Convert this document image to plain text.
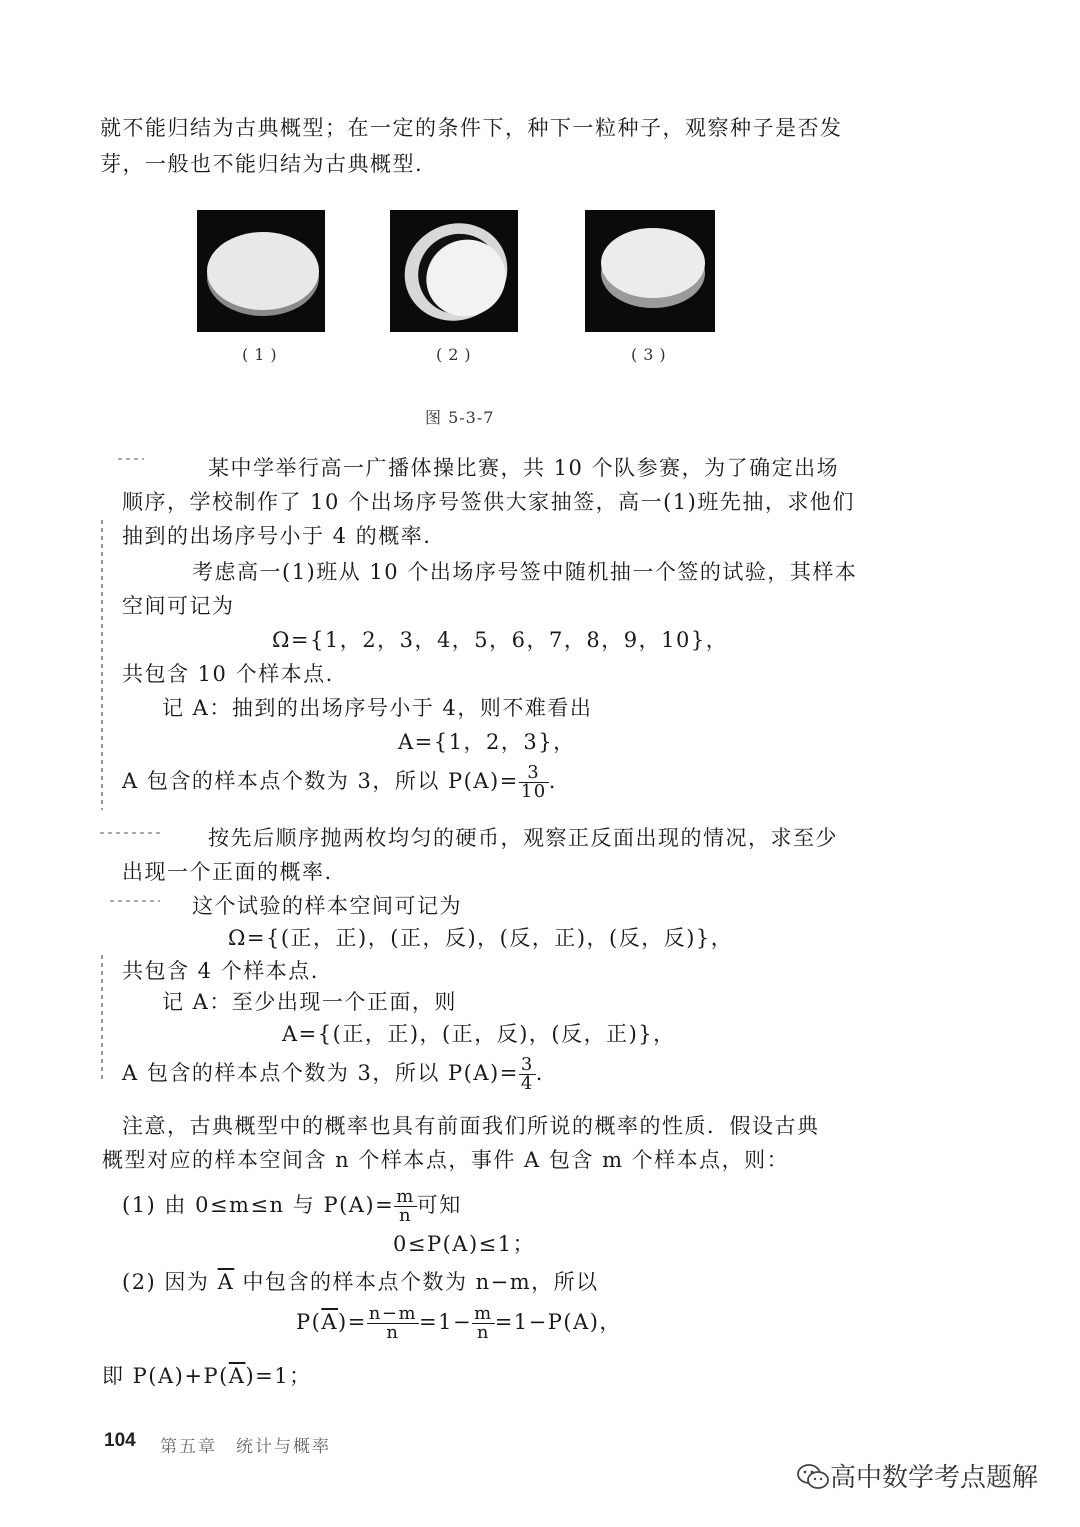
就不能归结为古典概型；在一定的条件下，种下一粒种子，观察种子是否发
芽，一般也不能归结为古典概型.
(1)	(2)	(3)
图 5-3-7
某中学举行高一广播体操比赛，共 10 个队参赛，为了确定出场
顺序，学校制作了 10 个出场序号签供大家抽签，高一(1)班先抽，求他们
抽到的出场序号小于 4 的概率.
考虑高一(1)班从 10 个出场序号签中随机抽一个签的试验，其样本
空间可记为
Ω={1，2，3，4，5，6，7，8，9，10}，
共包含 10 个样本点.
记 A：抽到的出场序号小于 4，则不难看出
A={1，2，3}，
A 包含的样本点个数为 3，所以 $P(A)= \frac{3}{10}$ .
按先后顺序抛两枚均匀的硬币，观察正反面出现的情况，求至少
出现一个正面的概率.
这个试验的样本空间可记为
Ω={(正，正)，(正，反)，(反，正)，(反，反)}，
共包含 4 个样本点.
记 A：至少出现一个正面，则
A={(正，正)，(正，反)，(反，正)}，
A 包含的样本点个数为 3，所以 $P(A)= \frac{3}{4}$ .
注意，古典概型中的概率也具有前面我们所说的概率的性质．假设古典
概型对应的样本空间含 n 个样本点，事件 A 包含 m 个样本点，则：
(1) 由 0≤m≤n 与 $P(A)= \frac{m}{n}$ 可知
0≤P(A)≤1；
(2) 因为 $\overline{A}$ 中包含的样本点个数为 n−m，所以
$P(\overline{A})= \frac{n-m}{n} =1- \frac{m}{n} =1-P(A)$，
即 $P(A)+P(\overline{A})=1$；
104 第五章　统计与概率
高中数学考点题解
